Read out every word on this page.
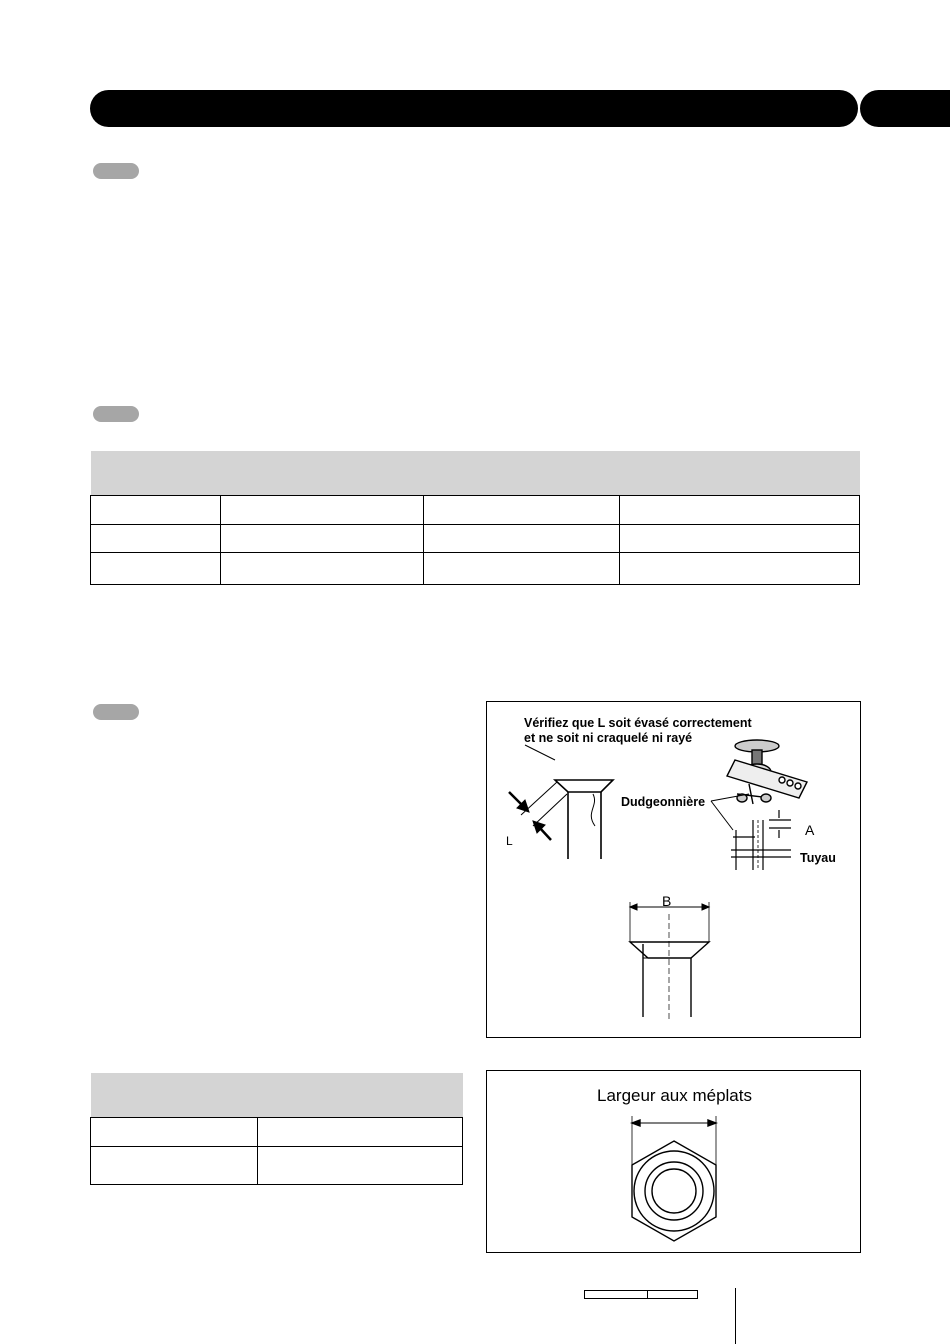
Vérifiez que L soit évasé correctement
et ne soit ni craquelé ni rayé
L
Dudgeonnière
A
Tuyau
B
Largeur aux méplats
